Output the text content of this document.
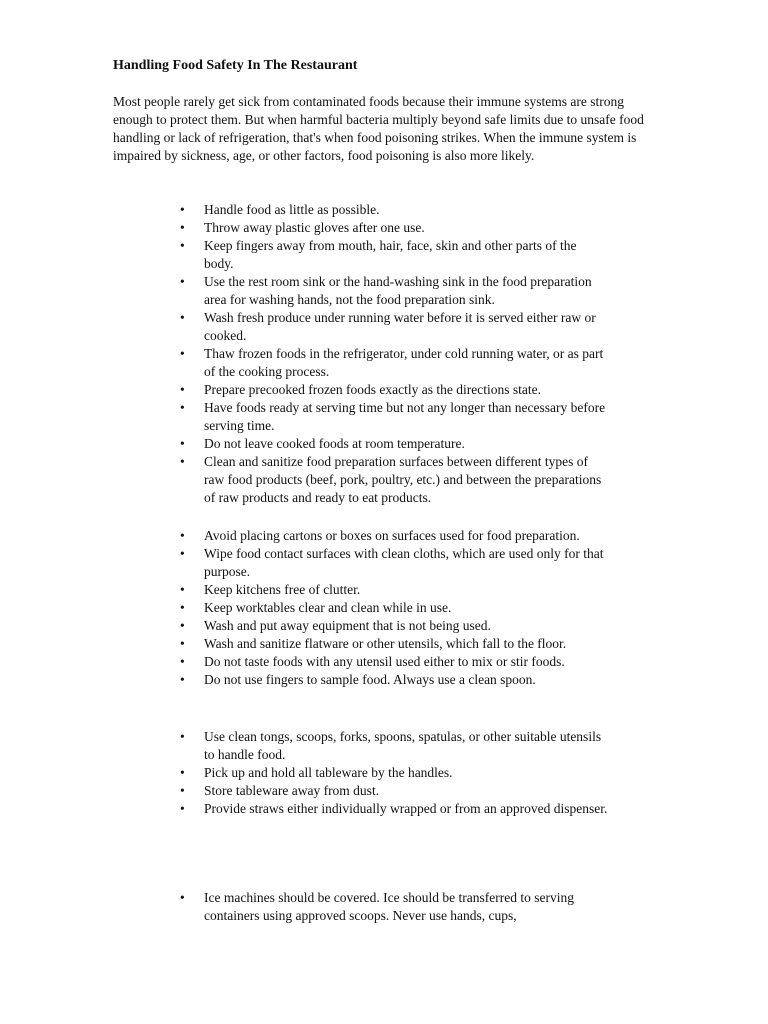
Handling Food Safety In The Restaurant

Most people rarely get sick from contaminated foods because their immune systems are strong enough to protect them. But when harmful bacteria multiply beyond safe limits due to unsafe food handling or lack of refrigeration, that's when food poisoning strikes. When the immune system is impaired by sickness, age, or other factors, food poisoning is also more likely.

• Handle food as little as possible.
• Throw away plastic gloves after one use.
• Keep fingers away from mouth, hair, face, skin and other parts of the body.
• Use the rest room sink or the hand-washing sink in the food preparation area for washing hands, not the food preparation sink.
• Wash fresh produce under running water before it is served either raw or cooked.
• Thaw frozen foods in the refrigerator, under cold running water, or as part of the cooking process.
• Prepare precooked frozen foods exactly as the directions state.
• Have foods ready at serving time but not any longer than necessary before serving time.
• Do not leave cooked foods at room temperature.
• Clean and sanitize food preparation surfaces between different types of raw food products (beef, pork, poultry, etc.) and between the preparations of raw products and ready to eat products.
• Avoid placing cartons or boxes on surfaces used for food preparation.
• Wipe food contact surfaces with clean cloths, which are used only for that purpose.
• Keep kitchens free of clutter.
• Keep worktables clear and clean while in use.
• Wash and put away equipment that is not being used.
• Wash and sanitize flatware or other utensils, which fall to the floor.
• Do not taste foods with any utensil used either to mix or stir foods.
• Do not use fingers to sample food. Always use a clean spoon.
• Use clean tongs, scoops, forks, spoons, spatulas, or other suitable utensils to handle food.
• Pick up and hold all tableware by the handles.
• Store tableware away from dust.
• Provide straws either individually wrapped or from an approved dispenser.
• Ice machines should be covered. Ice should be transferred to serving containers using approved scoops. Never use hands, cups,
